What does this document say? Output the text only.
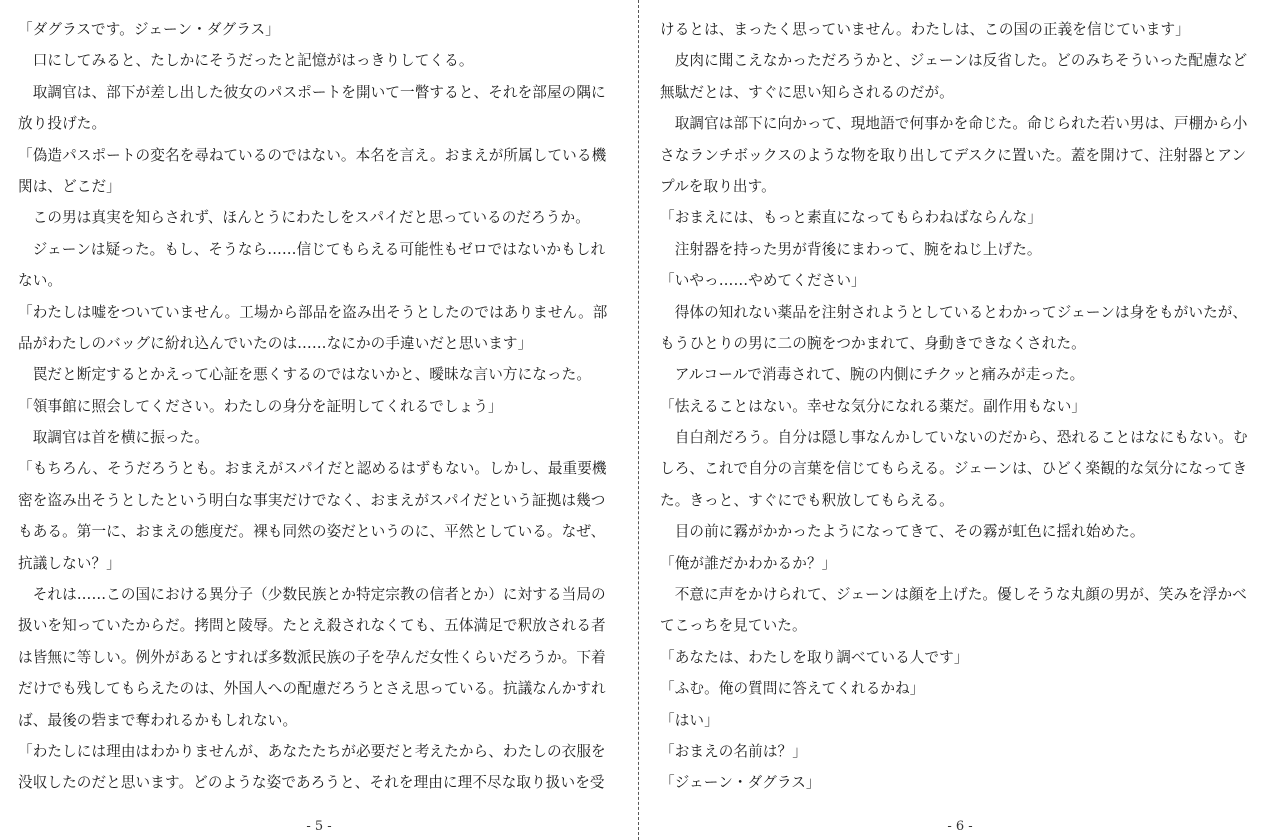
「ダグラスです。ジェーン・ダグラス」
　口にしてみると、たしかにそうだったと記憶がはっきりしてくる。
　取調官は、部下が差し出した彼女のパスポートを開いて一瞥すると、それを部屋の隅に
放り投げた。
「偽造パスポートの変名を尋ねているのではない。本名を言え。おまえが所属している機
関は、どこだ」
　この男は真実を知らされず、ほんとうにわたしをスパイだと思っているのだろうか。
　ジェーンは疑った。もし、そうなら……信じてもらえる可能性もゼロではないかもしれ
ない。
「わたしは嘘をついていません。工場から部品を盗み出そうとしたのではありません。部
品がわたしのバッグに紛れ込んでいたのは……なにかの手違いだと思います」
　罠だと断定するとかえって心証を悪くするのではないかと、曖昧な言い方になった。
「領事館に照会してください。わたしの身分を証明してくれるでしょう」
　取調官は首を横に振った。
「もちろん、そうだろうとも。おまえがスパイだと認めるはずもない。しかし、最重要機
密を盗み出そうとしたという明白な事実だけでなく、おまえがスパイだという証拠は幾つ
もある。第一に、おまえの態度だ。裸も同然の姿だというのに、平然としている。なぜ、
抗議しない？」
　それは……この国における異分子（少数民族とか特定宗教の信者とか）に対する当局の
扱いを知っていたからだ。拷問と陵辱。たとえ殺されなくても、五体満足で釈放される者
は皆無に等しい。例外があるとすれば多数派民族の子を孕んだ女性くらいだろうか。下着
だけでも残してもらえたのは、外国人への配慮だろうとさえ思っている。抗議なんかすれ
ば、最後の砦まで奪われるかもしれない。
「わたしには理由はわかりませんが、あなたたちが必要だと考えたから、わたしの衣服を
没収したのだと思います。どのような姿であろうと、それを理由に理不尽な取り扱いを受
- 5 -
けるとは、まったく思っていません。わたしは、この国の正義を信じています」
　皮肉に聞こえなかっただろうかと、ジェーンは反省した。どのみちそういった配慮など
無駄だとは、すぐに思い知らされるのだが。
　取調官は部下に向かって、現地語で何事かを命じた。命じられた若い男は、戸棚から小
さなランチボックスのような物を取り出してデスクに置いた。蓋を開けて、注射器とアン
プルを取り出す。
「おまえには、もっと素直になってもらわねばならんな」
　注射器を持った男が背後にまわって、腕をねじ上げた。
「いやっ……やめてください」
　得体の知れない薬品を注射されようとしているとわかってジェーンは身をもがいたが、
もうひとりの男に二の腕をつかまれて、身動きできなくされた。
　アルコールで消毒されて、腕の内側にチクッと痛みが走った。
「怯えることはない。幸せな気分になれる薬だ。副作用もない」
　自白剤だろう。自分は隠し事なんかしていないのだから、恐れることはなにもない。む
しろ、これで自分の言葉を信じてもらえる。ジェーンは、ひどく楽観的な気分になってき
た。きっと、すぐにでも釈放してもらえる。
　目の前に霧がかかったようになってきて、その霧が虹色に揺れ始めた。
「俺が誰だかわかるか？」
　不意に声をかけられて、ジェーンは顔を上げた。優しそうな丸顔の男が、笑みを浮かべ
てこっちを見ていた。
「あなたは、わたしを取り調べている人です」
「ふむ。俺の質問に答えてくれるかね」
「はい」
「おまえの名前は？」
「ジェーン・ダグラス」
- 6 -
